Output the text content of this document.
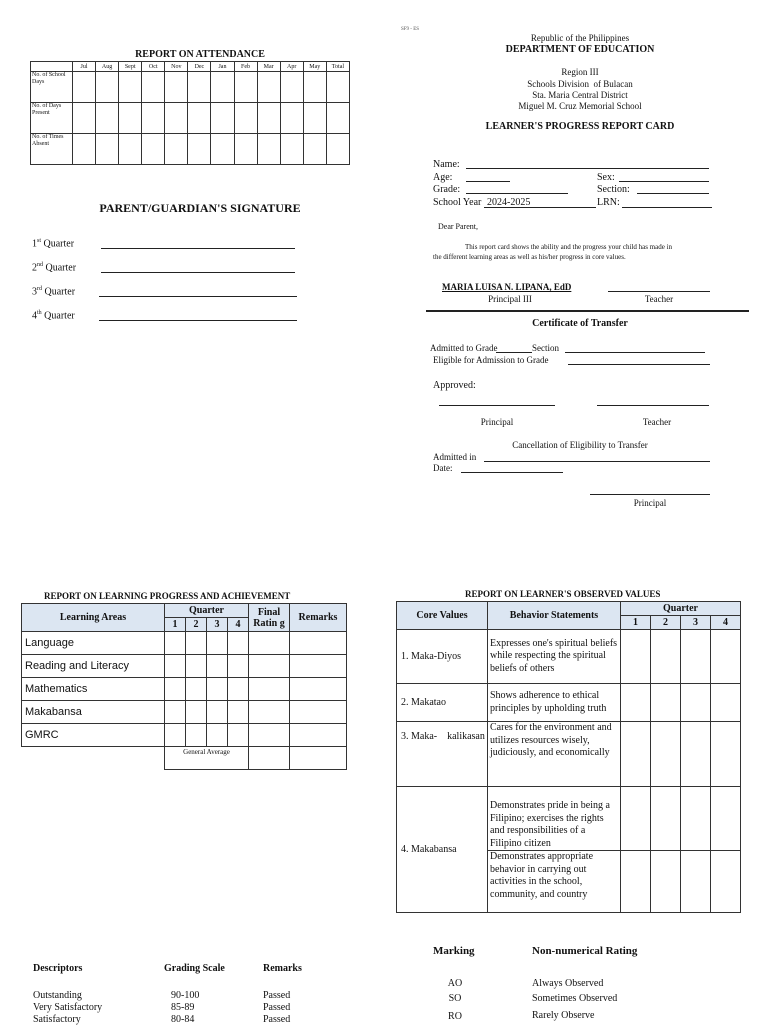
SF9 - ES
REPORT ON ATTENDANCE
	Jul	Aug	Sept	Oct	Nov	Dec	Jan	Feb	Mar	Apr	May	Total
No. of School Days												
No. of Days Present												
No. of Times Absent												
PARENT/GUARDIAN'S SIGNATURE
1st Quarter
2nd Quarter
3rd Quarter
4th Quarter
Republic of the Philippines
DEPARTMENT OF EDUCATION
Region III
Schools Division  of Bulacan
Sta. Maria Central District
Miguel M. Cruz Memorial School
LEARNER'S PROGRESS REPORT CARD
Name:
Age:	Sex:
Grade:	Section:
School Year 2024-2025	LRN:
Dear Parent,
This report card shows the ability and the progress your child has made in
the different learning areas as well as his/her progress in core values.
MARIA LUISA N. LIPANA, EdD
Principal III	Teacher
Certificate of Transfer
Admitted to Grade	Section
Eligible for Admission to Grade
Approved:
Principal	Teacher
Cancellation of Eligibility to Transfer
Admitted in
Date:
Principal
REPORT ON LEARNING PROGRESS AND ACHIEVEMENT
Learning Areas	Quarter				Final Ratin g	Remarks
	1	2	3	4		
Language						
Reading and Literacy						
Mathematics						
Makabansa						
GMRC						
	General Average					
REPORT ON LEARNER'S OBSERVED VALUES
Core Values	Behavior Statements	Quarter			
		1	2	3	4
1. Maka-Diyos	Expresses one's spiritual beliefs while respecting the spiritual beliefs of others				
2. Makatao	Shows adherence to ethical principles by upholding truth				
3. Maka-    kalikasan	Cares for the environment and utilizes resources wisely, judiciously, and economically				
4. Makabansa	Demonstrates pride in being a Filipino; exercises the rights and responsibilities of a Filipino citizen				
	Demonstrates appropriate behavior in carrying out activities in the school, community, and country				
Descriptors	Grading Scale	Remarks
Outstanding	90-100	Passed
Very Satisfactory	85-89	Passed
Satisfactory	80-84	Passed
Marking	Non-numerical Rating
AO	Always Observed
SO	Sometimes Observed
RO	Rarely Observe
